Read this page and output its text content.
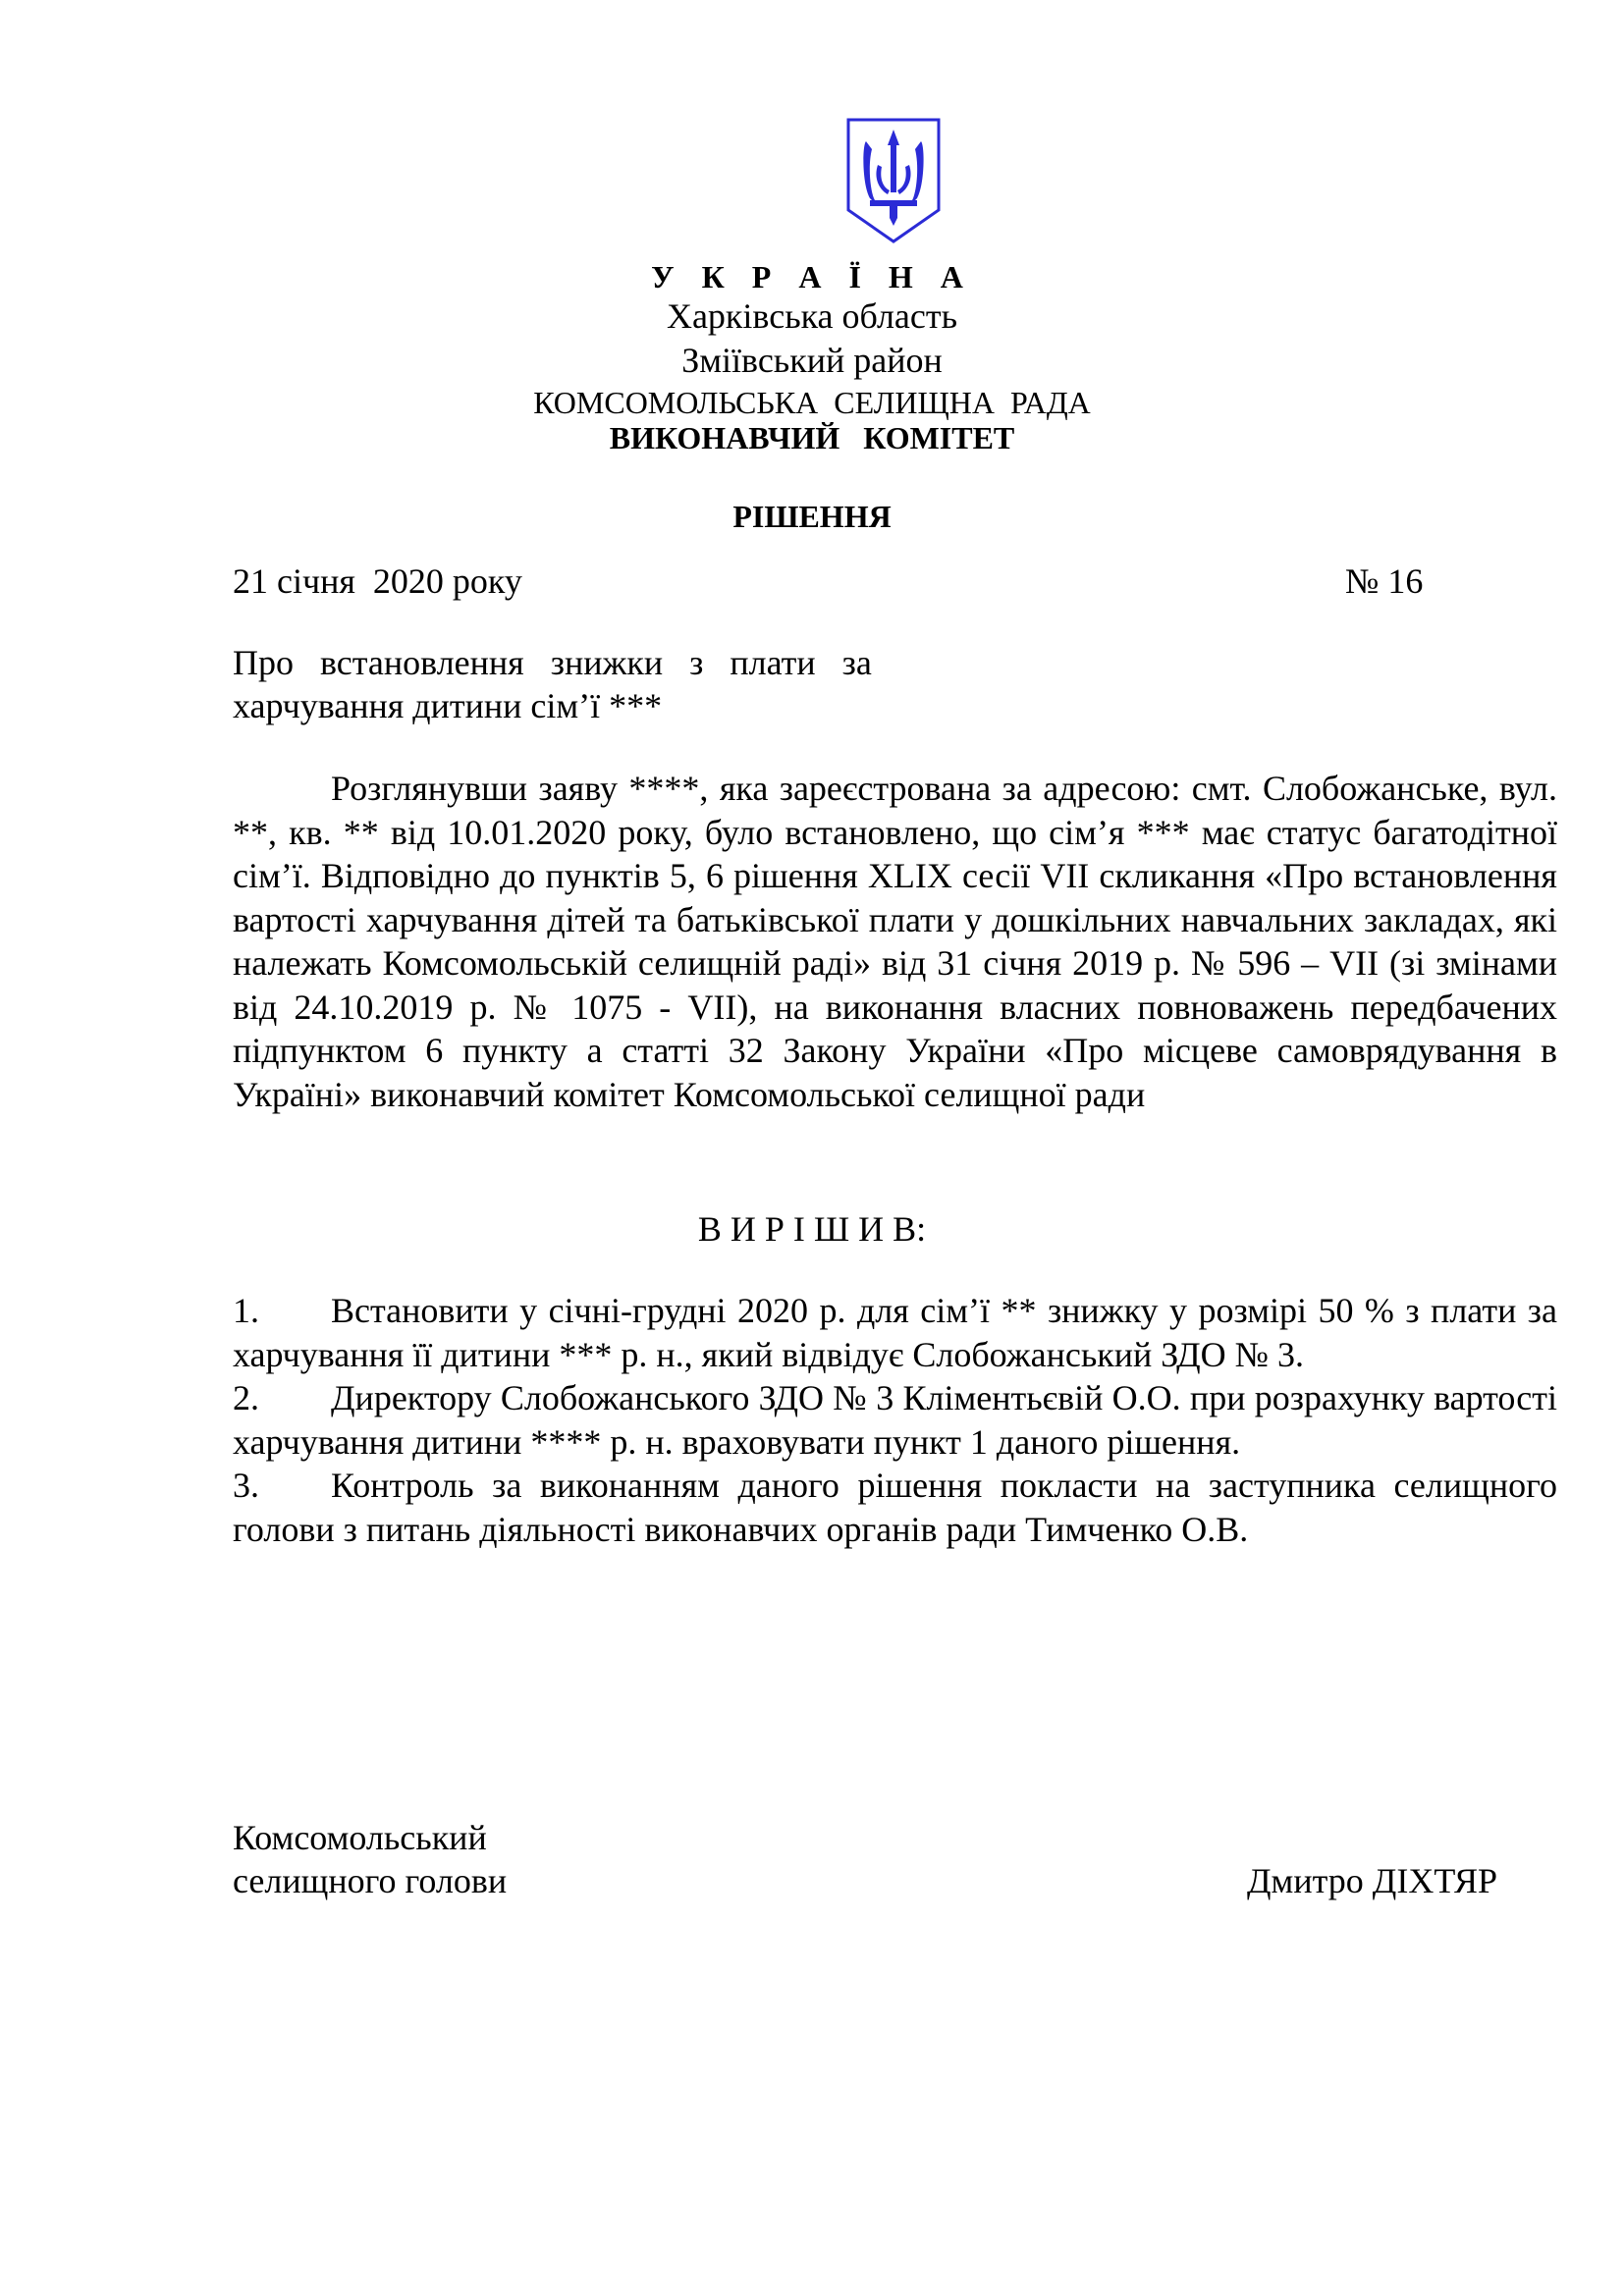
У К Р А Ї Н А
Харківська область
Зміївський район
КОМСОМОЛЬСЬКА  СЕЛИЩНА  РАДА
ВИКОНАВЧИЙ   КОМІТЕТ
РІШЕННЯ
21 січня  2020 року	№ 16
Про   встановлення   знижки   з   плати   за
харчування дитини сім’ї ***
Розглянувши заяву ****, яка зареєстрована за адресою: смт. Слобожанське, вул. **, кв. ** від 10.01.2020 року, було встановлено, що сім’я *** має статус багатодітної сім’ї. Відповідно до пунктів 5, 6 рішення XLIX сесії VII скликання «Про встановлення вартості харчування дітей та батьківської плати у дошкільних навчальних закладах, які належать Комсомольській селищній раді» від 31 січня 2019 р. № 596 – VII (зі змінами від 24.10.2019 р. № 1075 - VII), на виконання власних повноважень передбачених підпунктом 6 пункту а статті 32 Закону України «Про місцеве самоврядування в Україні» виконавчий комітет Комсомольської селищної ради
В И Р І Ш И В:
Встановити у січні-грудні 2020 р. для сім’ї ** знижку у розмірі 50 % з плати за харчування її дитини *** р. н., який відвідує Слобожанський ЗДО № 3.
1.
Директору Слобожанського ЗДО № 3 Кліментьєвій О.О. при розрахунку вартості харчування дитини **** р. н. враховувати пункт 1 даного рішення.
2.
Контроль за виконанням даного рішення покласти на заступника селищного голови з питань діяльності виконавчих органів ради Тимченко О.В.
3.
Комсомольський
селищного голови	Дмитро ДІХТЯР
